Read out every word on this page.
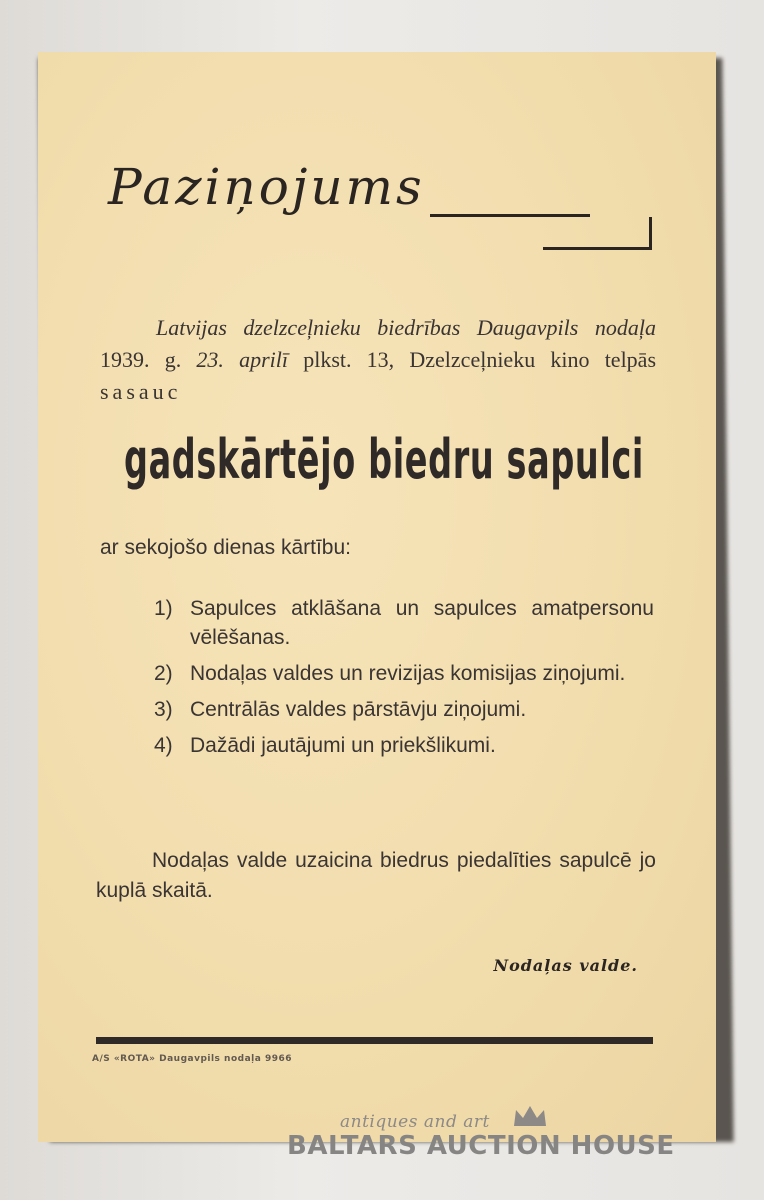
Paziņojums

Latvijas dzelzceļnieku biedrības Daugavpils nodaļa 1939. g. 23. aprilī plkst. 13, Dzelzceļnieku kino telpās sasauc

gadskārtējo biedru sapulci

ar sekojošo dienas kārtību:

1) Sapulces atklāšana un sapulces amatpersonu vēlēšanas.
2) Nodaļas valdes un revizijas komisijas ziņojumi.
3) Centrālās valdes pārstāvju ziņojumi.
4) Dažādi jautājumi un priekšlikumi.

Nodaļas valde uzaicina biedrus piedalīties sapulcē jo kuplā skaitā.

Nodaļas valde.

A/S «ROTA» Daugavpils nodaļa 9966

antiques and art

BALTARS AUCTION HOUSE
